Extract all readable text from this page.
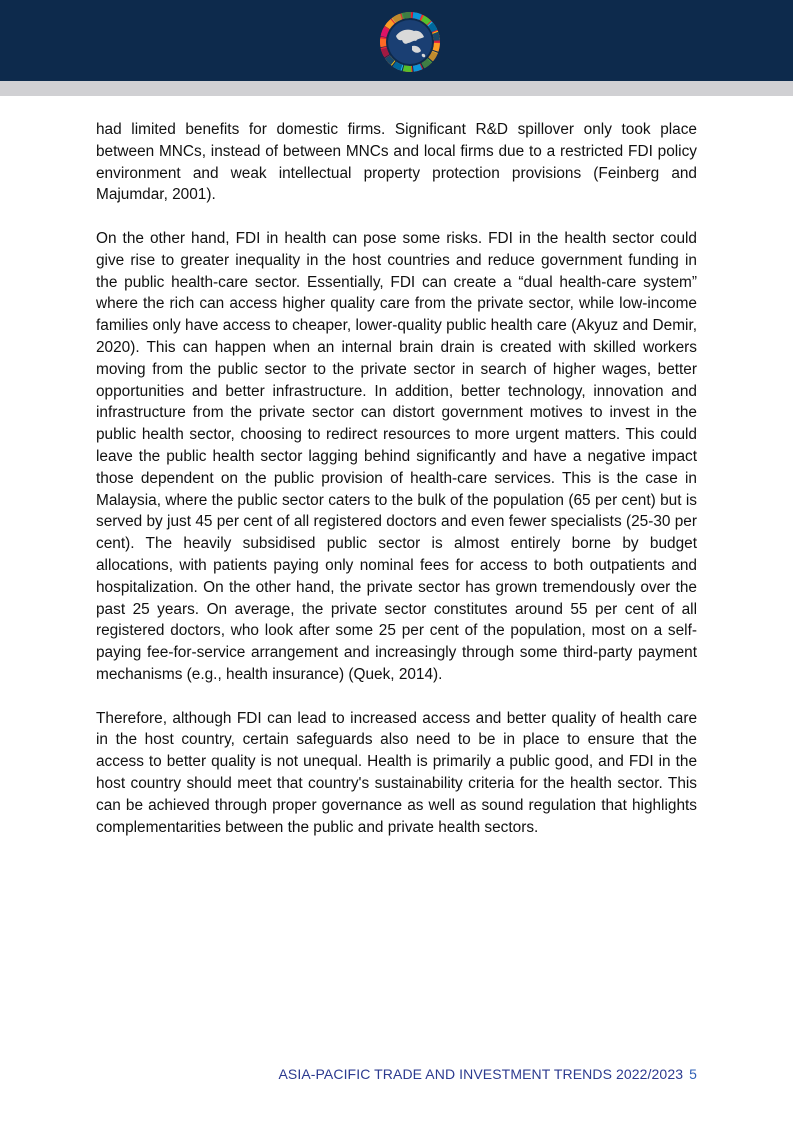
had limited benefits for domestic firms. Significant R&D spillover only took place between MNCs, instead of between MNCs and local firms due to a restricted FDI policy environment and weak intellectual property protection provisions (Feinberg and Majumdar, 2001).

On the other hand, FDI in health can pose some risks. FDI in the health sector could give rise to greater inequality in the host countries and reduce government funding in the public health-care sector. Essentially, FDI can create a “dual health-care system” where the rich can access higher quality care from the private sector, while low-income families only have access to cheaper, lower-quality public health care (Akyuz and Demir, 2020). This can happen when an internal brain drain is created with skilled workers moving from the public sector to the private sector in search of higher wages, better opportunities and better infrastructure. In addition, better technology, innovation and infrastructure from the private sector can distort government motives to invest in the public health sector, choosing to redirect resources to more urgent matters. This could leave the public health sector lagging behind significantly and have a negative impact those dependent on the public provision of health-care services. This is the case in Malaysia, where the public sector caters to the bulk of the population (65 per cent) but is served by just 45 per cent of all registered doctors and even fewer specialists (25-30 per cent). The heavily subsidised public sector is almost entirely borne by budget allocations, with patients paying only nominal fees for access to both outpatients and hospitalization. On the other hand, the private sector has grown tremendously over the past 25 years. On average, the private sector constitutes around 55 per cent of all registered doctors, who look after some 25 per cent of the population, most on a self-paying fee-for-service arrangement and increasingly through some third-party payment mechanisms (e.g., health insurance) (Quek, 2014).

Therefore, although FDI can lead to increased access and better quality of health care in the host country, certain safeguards also need to be in place to ensure that the access to better quality is not unequal. Health is primarily a public good, and FDI in the host country should meet that country's sustainability criteria for the health sector. This can be achieved through proper governance as well as sound regulation that highlights complementarities between the public and private health sectors.

ASIA-PACIFIC TRADE AND INVESTMENT TRENDS 2022/2023 5
